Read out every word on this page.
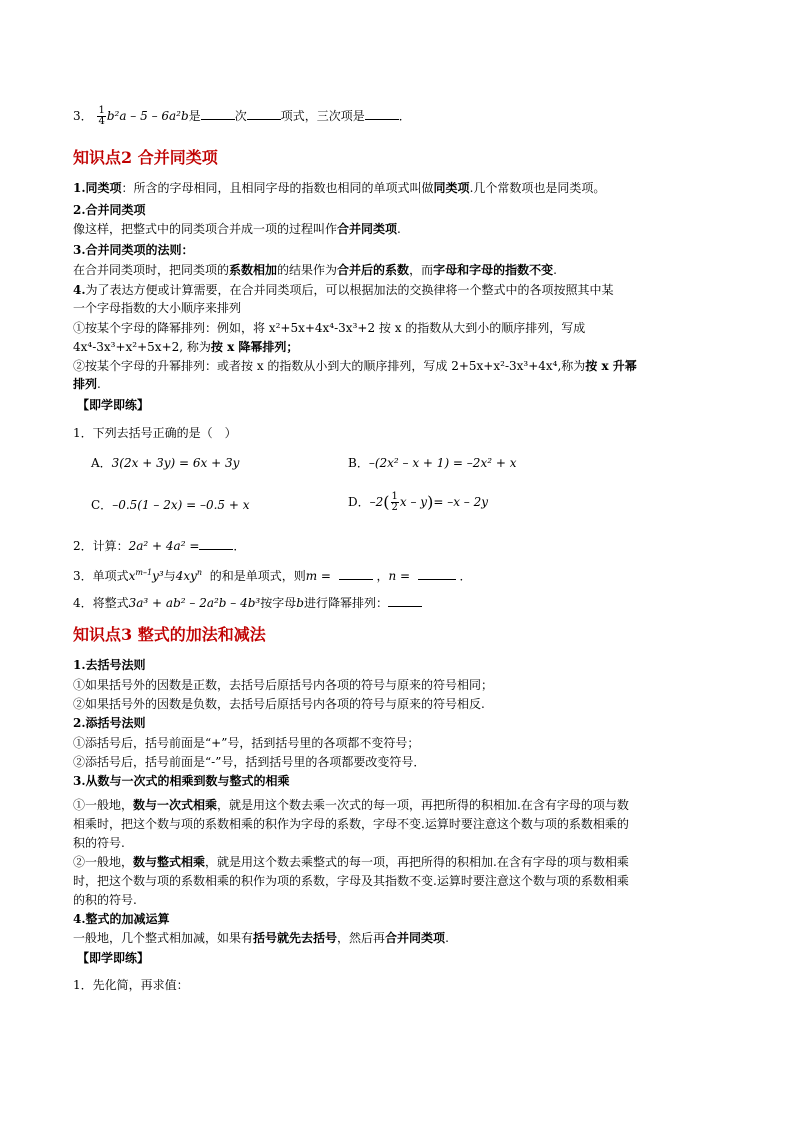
3． $\frac{1}{4} b^2a - 5 - 6a^2b$是	次	项式，三次项是	．
知识点2 合并同类项
1.同类项：所含的字母相同，且相同字母的指数也相同的单项式叫做同类项.几个常数项也是同类项。
2.合并同类项
像这样，把整式中的同类项合并成一项的过程叫作合并同类项.
3.合并同类项的法则：
在合并同类项时，把同类项的系数相加的结果作为合并后的系数，而字母和字母的指数不变.
4.为了表达方便或计算需要，在合并同类项后，可以根据加法的交换律将一个整式中的各项按照其中某
一个字母指数的大小顺序来排列
①按某个字母的降幂排列：例如，将 x²+5x+4x⁴-3x³+2 按 x 的指数从大到小的顺序排列，写成
4x⁴-3x³+x²+5x+2, 称为按 x 降幂排列；
②按某个字母的升幂排列：或者按 x 的指数从小到大的顺序排列，写成 2+5x+x²-3x³+4x⁴,称为按 x 升幂
排列.
【即学即练】
1．下列去括号正确的是（　）
A．3(2x + 3y) = 6x + 3y	B．–(2x² – x + 1) = –2x² + x
C．–0.5(1 – 2x) = –0.5 + x	D．$-2( \frac{1}{2}$ x – y)= –x – 2y
2．计算：2a² + 4a² =	．
3．单项式$x^{m-1}y^3$与$4xy^n$ 的和是单项式，则m =	，n =	．
4．将整式3a³ + ab² – 2a²b – 4b³按字母b进行降幂排列：
知识点3 整式的加法和减法
1.去括号法则
①如果括号外的因数是正数，去括号后原括号内各项的符号与原来的符号相同；
②如果括号外的因数是负数，去括号后原括号内各项的符号与原来的符号相反.
2.添括号法则
①添括号后，括号前面是“+”号，括到括号里的各项都不变符号；
②添括号后，括号前面是“-”号，括到括号里的各项都要改变符号．
3.从数与一次式的相乘到数与整式的相乘
①一般地，数与一次式相乘，就是用这个数去乘一次式的每一项，再把所得的积相加.在含有字母的项与数
相乘时，把这个数与项的系数相乘的积作为字母的系数，字母不变.运算时要注意这个数与项的系数相乘的
积的符号.
②一般地，数与整式相乘，就是用这个数去乘整式的每一项，再把所得的积相加.在含有字母的项与数相乘
时，把这个数与项的系数相乘的积作为项的系数，字母及其指数不变.运算时要注意这个数与项的系数相乘
的积的符号.
4.整式的加减运算
一般地，几个整式相加减，如果有括号就先去括号，然后再合并同类项.
【即学即练】
1．先化简，再求值：
